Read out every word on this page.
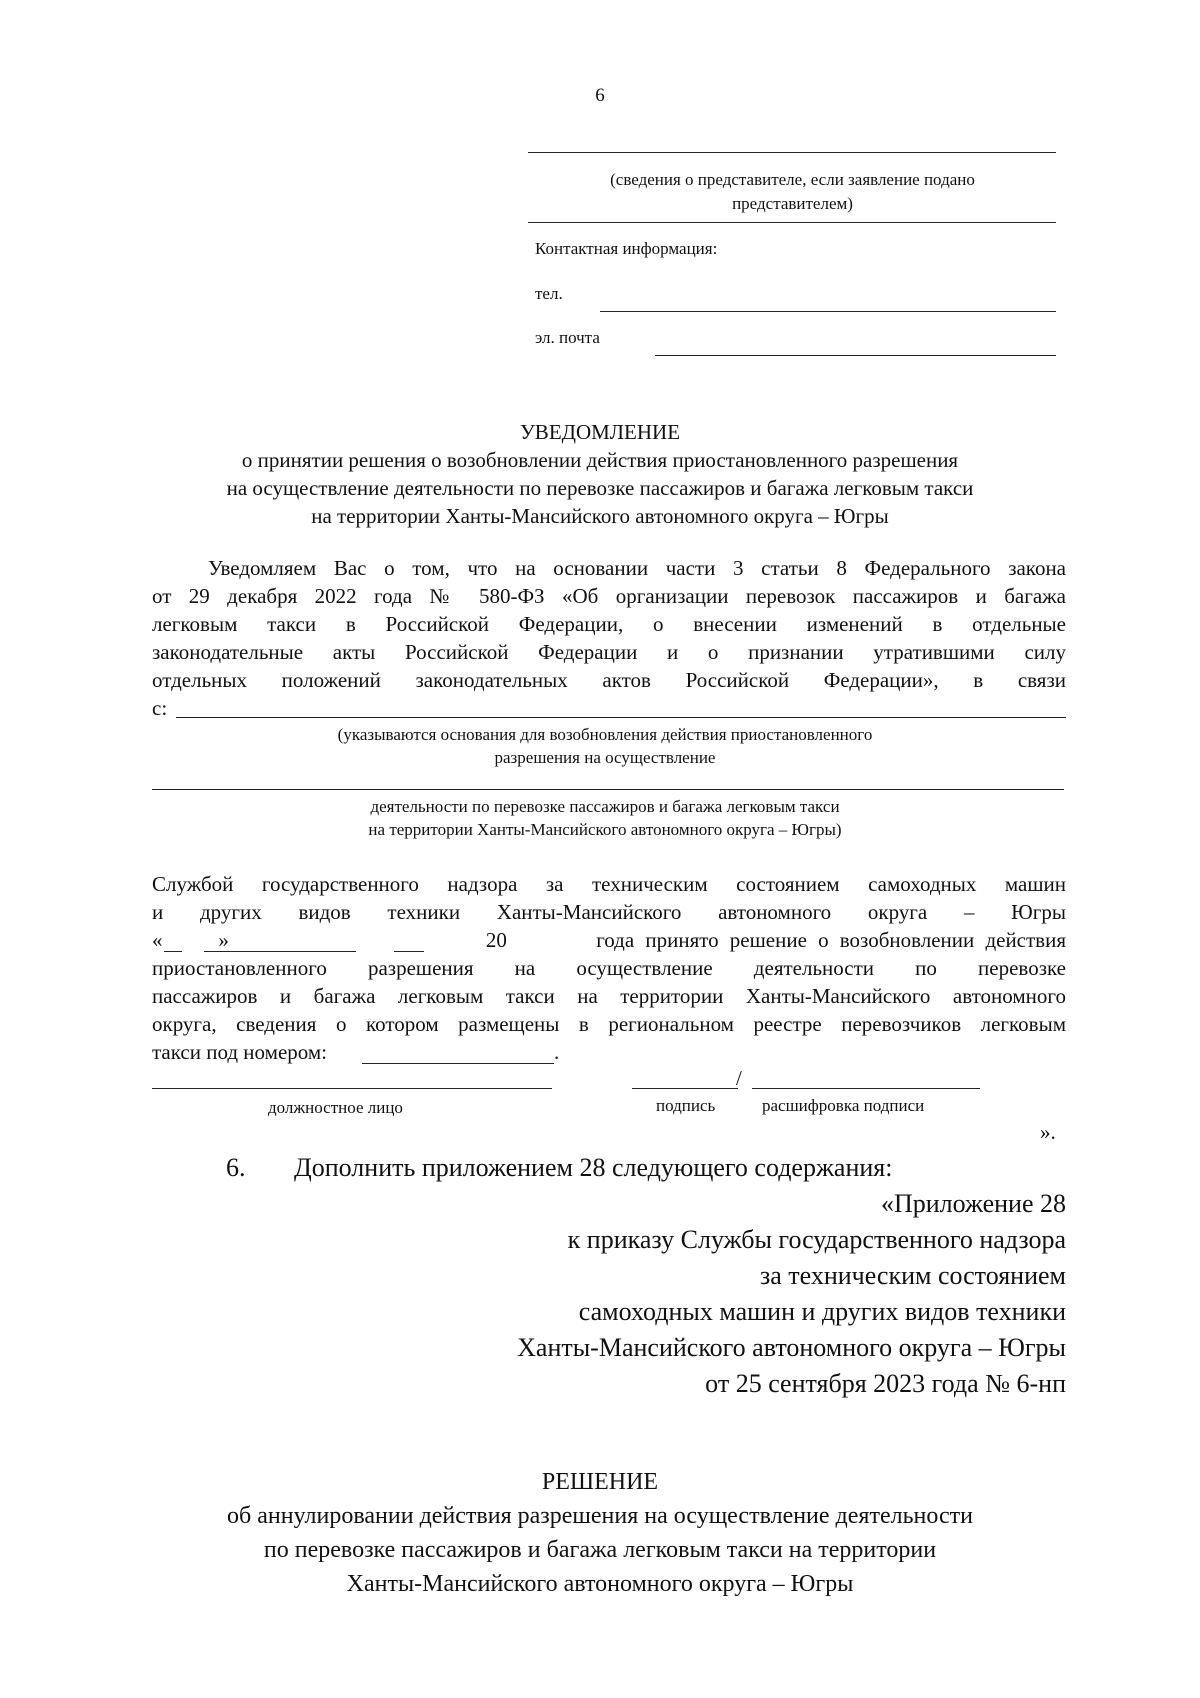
6
(сведения о представителе, если заявление подано представителем)
Контактная информация:
тел.
эл. почта
УВЕДОМЛЕНИЕ
о принятии решения о возобновлении действия приостановленного разрешения
на осуществление деятельности по перевозке пассажиров и багажа легковым такси
на территории Ханты-Мансийского автономного округа – Югры
Уведомляем Вас о том, что на основании части 3 статьи 8 Федерального закона
от 29 декабря 2022 года № 580-ФЗ «Об организации перевозок пассажиров и багажа
легковым такси в Российской Федерации, о внесении изменений в отдельные
законодательные акты Российской Федерации и о признании утратившими силу
отдельных положений законодательных актов Российской Федерации», в связи
с:
(указываются основания для возобновления действия приостановленного
разрешения на осуществление
деятельности по перевозке пассажиров и багажа легковым такси
на территории Ханты-Мансийского автономного округа – Югры)
Службой государственного надзора за техническим состоянием самоходных машин
и других видов техники Ханты-Мансийского автономного округа – Югры
«     »                       20        года принято решение о возобновлении действия
приостановленного разрешения на осуществление деятельности по перевозке
пассажиров и багажа легковым такси на территории Ханты-Мансийского автономного
округа, сведения о котором размещены в региональном реестре перевозчиков легковым
такси под номером:	.
/
должностное лицо	подпись	расшифровка подписи
».
6. Дополнить приложением 28 следующего содержания:
«Приложение 28
к приказу Службы государственного надзора
за техническим состоянием
самоходных машин и других видов техники
Ханты-Мансийского автономного округа – Югры
от 25 сентября 2023 года № 6-нп
РЕШЕНИЕ
об аннулировании действия разрешения на осуществление деятельности
по перевозке пассажиров и багажа легковым такси на территории
Ханты-Мансийского автономного округа – Югры
